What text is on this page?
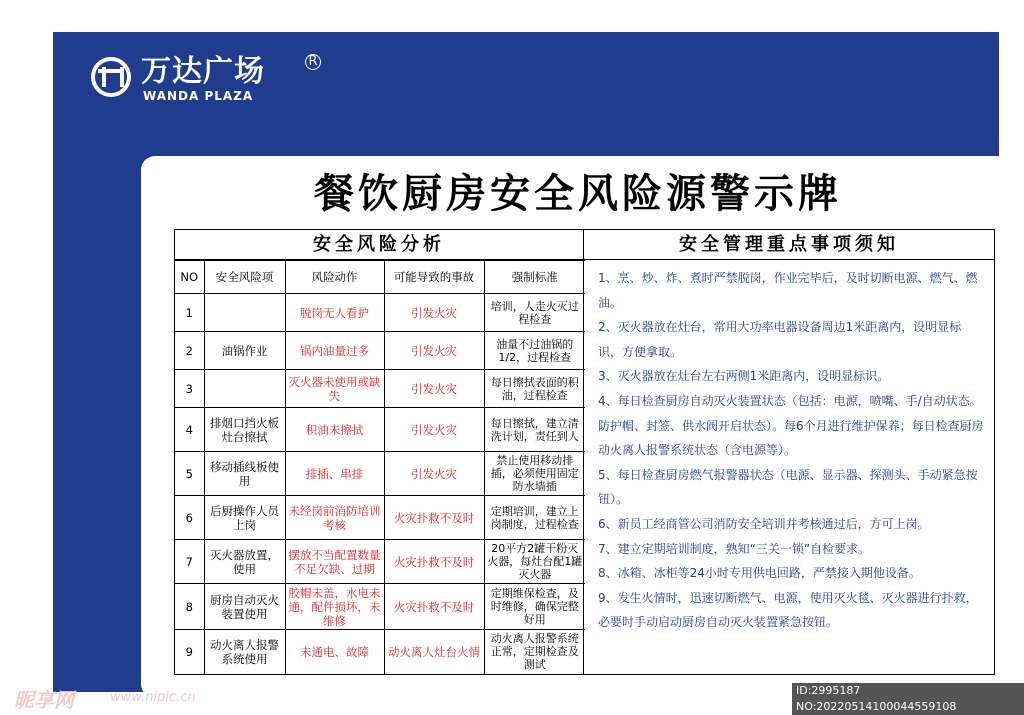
万达广场	R
WANDA PLAZA
餐饮厨房安全风险源警示牌
安全风险分析
NO	安全风险项	风险动作	可能导致的事故	强制标准
1		脱岗无人看护	引发火灾	培训，人走火灭过程检查
2	油锅作业	锅内油量过多	引发火灾	油量不过油锅的1/2，过程检查
3		灭火器未使用或缺失	引发火灾	每日擦拭表面的积油，过程检查
4	排烟口挡火板灶台擦拭	积油未擦拭	引发火灾	每日擦拭，建立清洗计划，责任到人
5	移动插线板使用	排插、串排	引发火灾	禁止使用移动排插，必须使用固定防水墙插
6	后厨操作人员上岗	未经岗前消防培训考核	火灾扑救不及时	定期培训，建立上岗制度，过程检查
7	灭火器放置，使用	摆放不当配置数量不足欠缺、过期	火灾扑救不及时	20平方2罐干粉灭火器，每灶台配1罐灭火器
8	厨房自动灭火装置使用	胶帽未盖，水电未通，配件损坏，未维修	火灾扑救不及时	定期维保检查，及时维修，确保完整好用
9	动火离人报警系统使用	未通电、故障	动火离人灶台火情	动火离人报警系统正常，定期检查及测试
安全管理重点事项须知

1、烹、炒、炸、煮时严禁脱岗，作业完毕后，及时切断电源、燃气、燃油。

2、灭火器放在灶台，常用大功率电器设备周边1米距离内，设明显标识，方便拿取。

3、灭火器放在灶台左右两侧1米距离内，设明显标识。

4、每日检查厨房自动灭火装置状态（包括：电源，喷嘴、手/自动状态。防护帽、封签、供水阀开启状态）。每6个月进行维护保养；每日检查厨房动火离人报警系统状态（含电源等）。

5、每日检查厨房燃气报警器状态（电源、显示器、探测头、手动紧急按钮）。

6、新员工经商管公司消防安全培训并考核通过后，方可上岗。

7、建立定期培训制度，熟知“三关一锁”自检要求。

8、冰箱、冰柜等24小时专用供电回路，严禁接入期他设备。

9、发生火情时，迅速切断燃气、电源，使用灭火毯、灭火器进行扑救，必要时手动启动厨房自动灭火装置紧急按钮。

昵享网	www.nipic.cn	ID:2995187 NO:20220514100044559108
